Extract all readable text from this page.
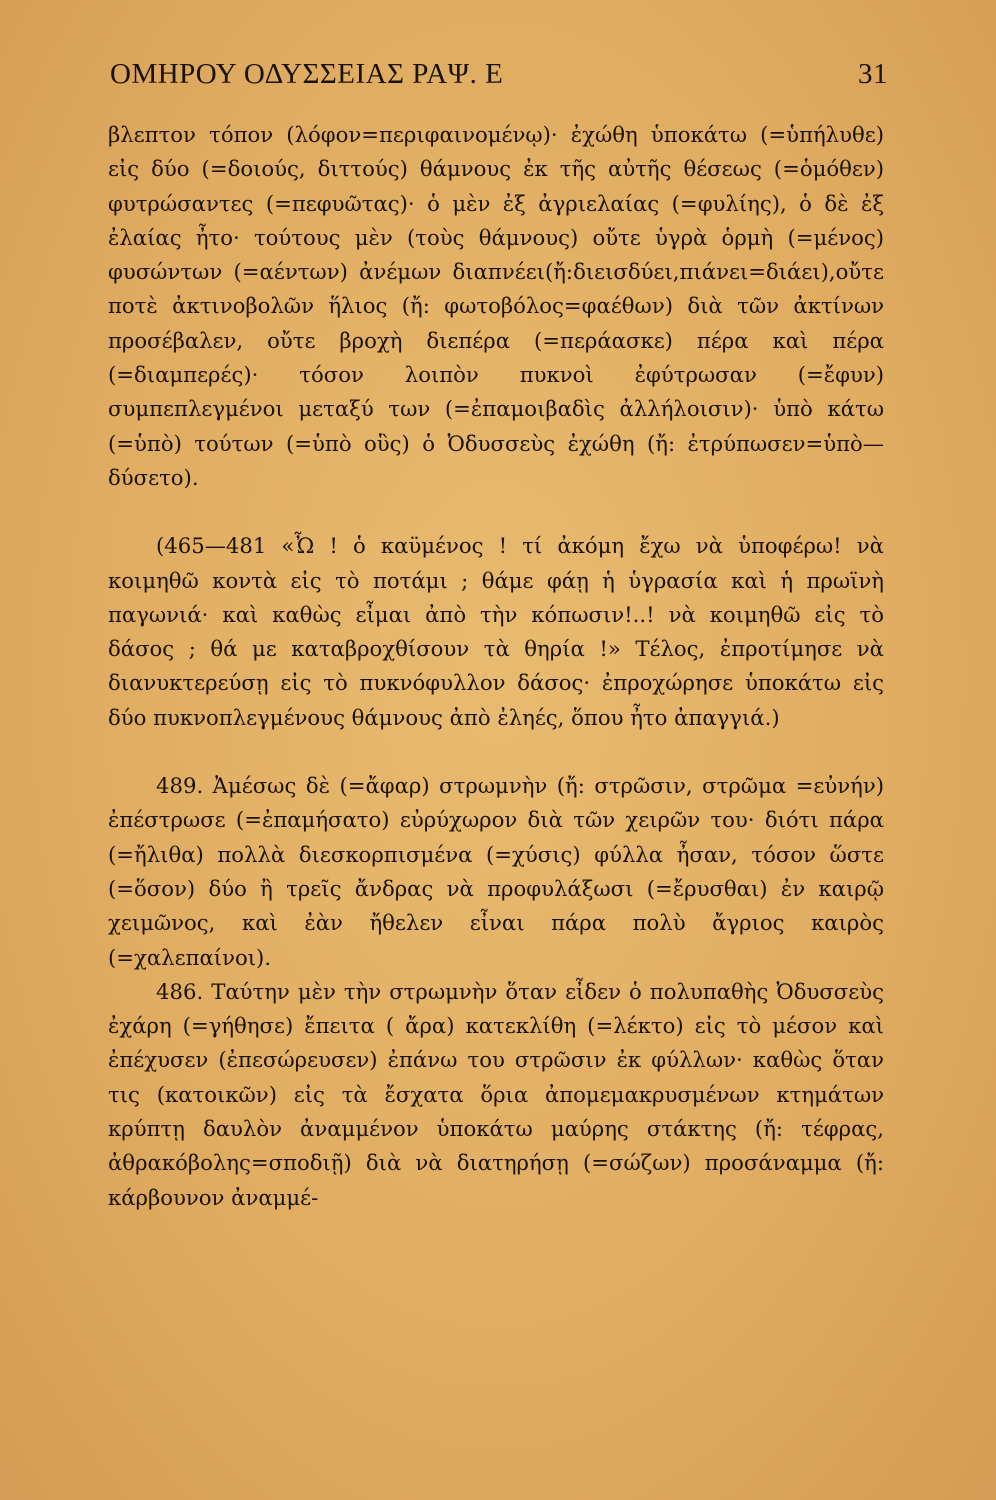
ΟΜΗΡΟΥ ΟΔΥΣΣΕΙΑΣ ΡΑΨ. Ε	31

βλεπτον τόπον (λόφον=περιφαινομένῳ)· ἐχώθη ὑποκάτω (=ὑπήλυθε) εἰς δύο (=δοιούς, διττούς) θάμνους ἐκ τῆς αὐτῆς θέσεως (=ὁμόθεν) φυτρώσαντες (=πεφυῶτας)· ὁ μὲν ἐξ ἀγριελαίας (=φυλίης), ὁ δὲ ἐξ ἐλαίας ἦτο· τούτους μὲν (τοὺς θάμνους) οὔτε ὑγρὰ ὁρμὴ (=μένος) φυσώντων (=αέντων) ἀνέμων διαπνέει(ἤ:διεισδύει,πιάνει=διάει),οὔτε ποτὲ ἀκτινοβολῶν ἥλιος (ἤ: φωτοβόλος=φαέθων) διὰ τῶν ἀκτίνων προσέβαλεν, οὔτε βροχὴ διεπέρα (=περάασκε) πέρα καὶ πέρα (=διαμπερές)· τόσον λοιπὸν πυκνοὶ ἐφύτρωσαν (=ἔφυν) συμπεπλεγμένοι μεταξύ των (=ἐπαμοιβαδὶς ἀλλήλοισιν)· ὑπὸ κάτω (=ὑπὸ) τούτων (=ὑπὸ οὓς) ὁ Ὀδυσσεὺς ἐχώθη (ἤ: ἐτρύπωσεν=ὑπὸ—δύσετο).

(465—481 «Ὦ ! ὁ καϋμένος ! τί ἀκόμη ἔχω νὰ ὑποφέρω! νὰ κοιμηθῶ κοντὰ εἰς τὸ ποτάμι ; θάμε φάῃ ἡ ὑγρασία καὶ ἡ πρωϊνὴ παγωνιά· καὶ καθὼς εἶμαι ἀπὸ τὴν κόπωσιν!..! νὰ κοιμηθῶ εἰς τὸ δάσος ; θά με καταβροχθίσουν τὰ θηρία !» Τέλος, ἐπροτίμησε νὰ διανυκτερεύσῃ εἰς τὸ πυκνόφυλλον δάσος· ἐπροχώρησε ὑποκάτω εἰς δύο πυκνοπλεγμένους θάμνους ἀπὸ ἐληές, ὅπου ἦτο ἀπαγγιά.)

489. Ἀμέσως δὲ (=ἄφαρ) στρωμνὴν (ἤ: στρῶσιν, στρῶμα =εὐνήν) ἐπέστρωσε (=ἐπαμήσατο) εὐρύχωρον διὰ τῶν χειρῶν του· διότι πάρα (=ἤλιθα) πολλὰ διεσκορπισμένα (=χύσις) φύλλα ἦσαν, τόσον ὥστε (=ὅσον) δύο ἢ τρεῖς ἄνδρας νὰ προφυλάξωσι (=ἔρυσθαι) ἐν καιρῷ χειμῶνος, καὶ ἐὰν ἤθελεν εἶναι πάρα πολὺ ἄγριος καιρὸς (=χαλεπαίνοι).

486. Ταύτην μὲν τὴν στρωμνὴν ὅταν εἶδεν ὁ πολυπαθὴς Ὀδυσσεὺς ἐχάρη (=γήθησε) ἔπειτα ( ἄρα) κατεκλίθη (=λέκτο) εἰς τὸ μέσον καὶ ἐπέχυσεν (ἐπεσώρευσεν) ἐπάνω του στρῶσιν ἐκ φύλλων· καθὼς ὅταν τις (κατοικῶν) εἰς τὰ ἔσχατα ὅρια ἀπομεμακρυσμένων κτημάτων κρύπτῃ δαυλὸν ἀναμμένον ὑποκάτω μαύρης στάκτης (ἤ: τέφρας, ἀθρακόβολης=σποδιῇ) διὰ νὰ διατηρήσῃ (=σώζων) προσάναμμα (ἤ: κάρβουνον ἀναμμέ-
